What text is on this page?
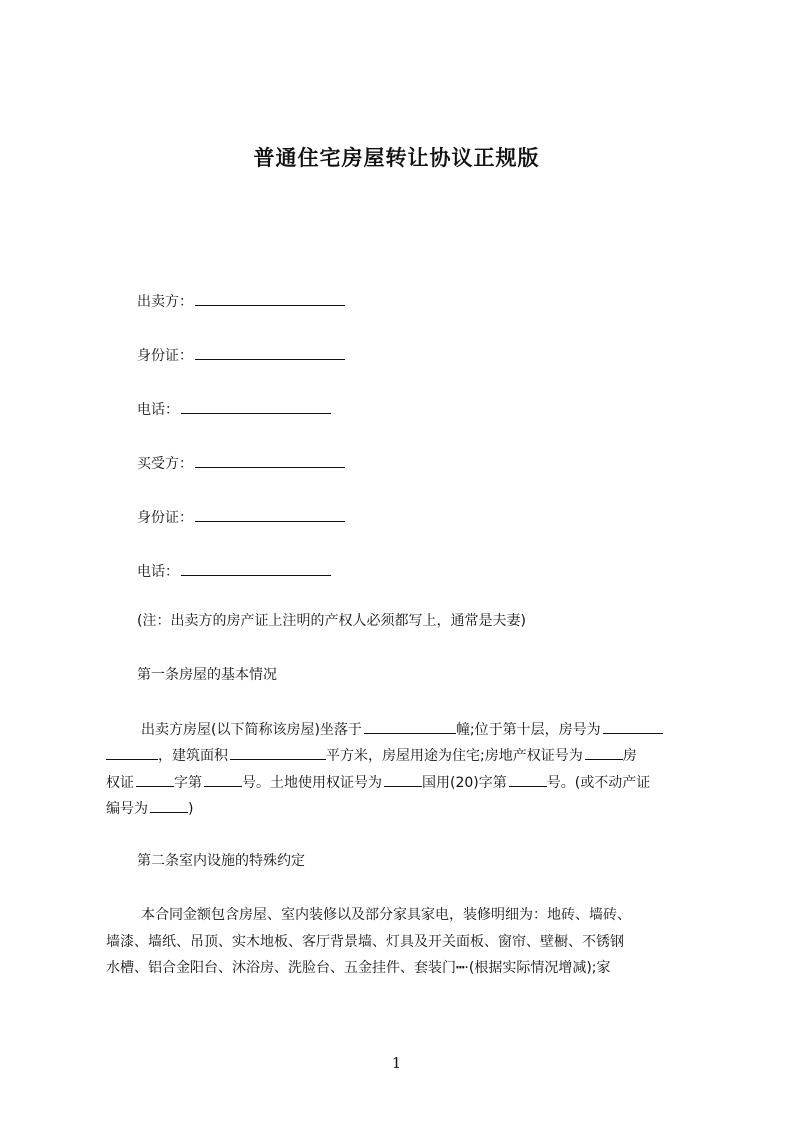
普通住宅房屋转让协议正规版
出卖方：
身份证：
电话：
买受方：
身份证：
电话：
(注：出卖方的房产证上注明的产权人必须都写上，通常是夫妻)
第一条房屋的基本情况
出卖方房屋(以下简称该房屋)坐落于	幢;位于第十层，房号为
，建筑面积	平方米，房屋用途为住宅;房地产权证号为	房
权证	字第	号。土地使用权证号为	国用(20)字第	号。(或不动产证
编号为	)
第二条室内设施的特殊约定
本合同金额包含房屋、室内装修以及部分家具家电，装修明细为：地砖、墙砖、
墙漆、墙纸、吊顶、实木地板、客厅背景墙、灯具及开关面板、窗帘、壁橱、不锈钢
水槽、铝合金阳台、沐浴房、洗脸台、五金挂件、套装门┅·(根据实际情况增减);家
1
